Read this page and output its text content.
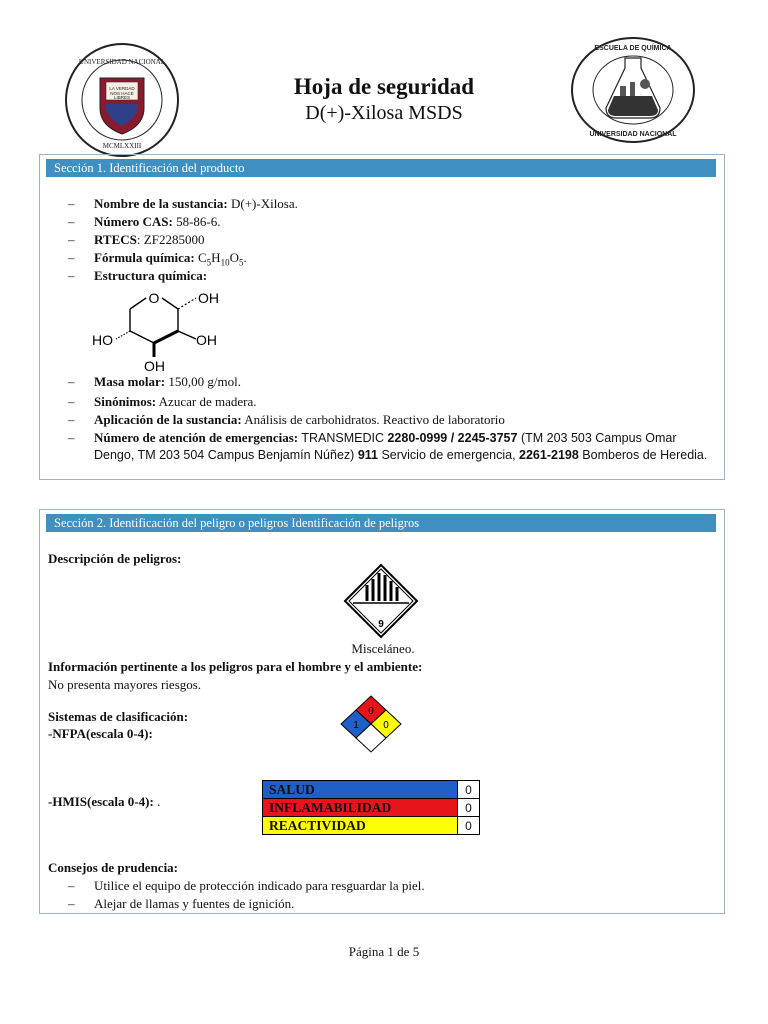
LA VERDAD
NOS HACE
LIBRES
UNIVERSIDAD NACIONAL
MCMLXXIII
Hoja de seguridad
D(+)-Xilosa MSDS
ESCUELA DE QUÍMICA
UNIVERSIDAD NACIONAL
Sección 1. Identificación del producto
–	Nombre de la sustancia: D(+)-Xilosa.
–	Número CAS: 58-86-6.
–	RTECS: ZF2285000
–	Fórmula química: $C_5H_{10}O_5$.
–	Estructura química:
O	OH
HO	OH
OH
–	Masa molar: 150,00 g/mol.
–	Sinónimos: Azucar de madera.
–	Aplicación de la sustancia: Análisis de carbohidratos. Reactivo de laboratorio
–	Número de atención de emergencias: TRANSMEDIC 2280-0999 / 2245-3757 (TM 203 503 Campus Omar Dengo, TM 203 504 Campus Benjamín Núñez) 911 Servicio de emergencia, 2261-2198 Bomberos de Heredia.
Sección 2. Identificación del peligro o peligros Identificación de peligros
Descripción de peligros:
9
Misceláneo.
Información pertinente a los peligros para el hombre y el ambiente:
No presenta mayores riesgos.
Sistemas de clasificación:
-NFPA(escala 0-4):
0
1 0
-HMIS(escala 0-4): .
SALUD	0
INFLAMABILIDAD	0
REACTIVIDAD	0
Consejos de prudencia:
–	Utilice el equipo de protección indicado para resguardar la piel.
–	Alejar de llamas y fuentes de ignición.
Página 1 de 5
